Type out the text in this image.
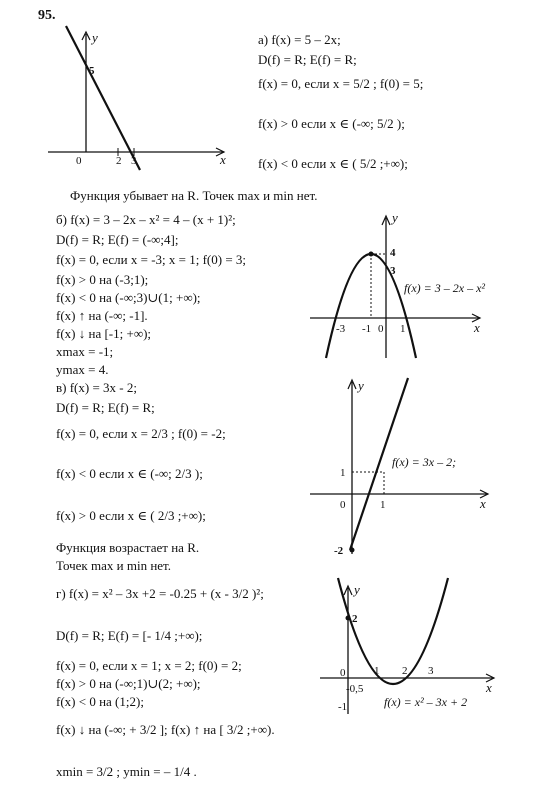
95.
y
x
5
0	2 3
а) f(x) = 5 – 2x;
D(f) = R; E(f) = R;
f(x) = 0, если x = 5/2 ; f(0) = 5;
f(x) > 0 если x ∈ (-∞; 5/2 );
f(x) < 0 если x ∈ ( 5/2 ;+∞);
Функция убывает на R. Точек max и min нет.
б) f(x) = 3 – 2x – x² = 4 – (x + 1)²;
D(f) = R; E(f) = (-∞;4];
f(x) = 0, если x = -3; x = 1; f(0) = 3;
f(x) > 0 на (-3;1);
f(x) < 0 на (-∞;3)∪(1; +∞);
f(x) ↑ на (-∞; -1].
f(x) ↓ на [-1; +∞);
xmax = -1;
ymax = 4.
y
x
4
3
-3 -1 0 1
f(x) = 3 – 2x – x²
в) f(x) = 3x - 2;
D(f) = R; E(f) = R;
f(x) = 0, если x = 2/3 ; f(0) = -2;
f(x) < 0 если x ∈ (-∞; 2/3 );
f(x) > 0 если x ∈ ( 2/3 ;+∞);
Функция возрастает на R.
Точек max и min нет.
y
x
1
0	1
-2
f(x) = 3x – 2;
г) f(x) = x² – 3x +2 = -0.25 + (x - 3/2 )²;
D(f) = R; E(f) = [- 1/4 ;+∞);
f(x) = 0, если x = 1; x = 2; f(0) = 2;
f(x) > 0 на (-∞;1)∪(2; +∞);
f(x) < 0 на (1;2);
f(x) ↓ на (-∞; + 3/2 ]; f(x) ↑ на [ 3/2 ;+∞).
xmin = 3/2 ; ymin = – 1/4 .
y
x
2
0	1 2 3
-0,5
-1	f(x) = x² – 3x + 2
